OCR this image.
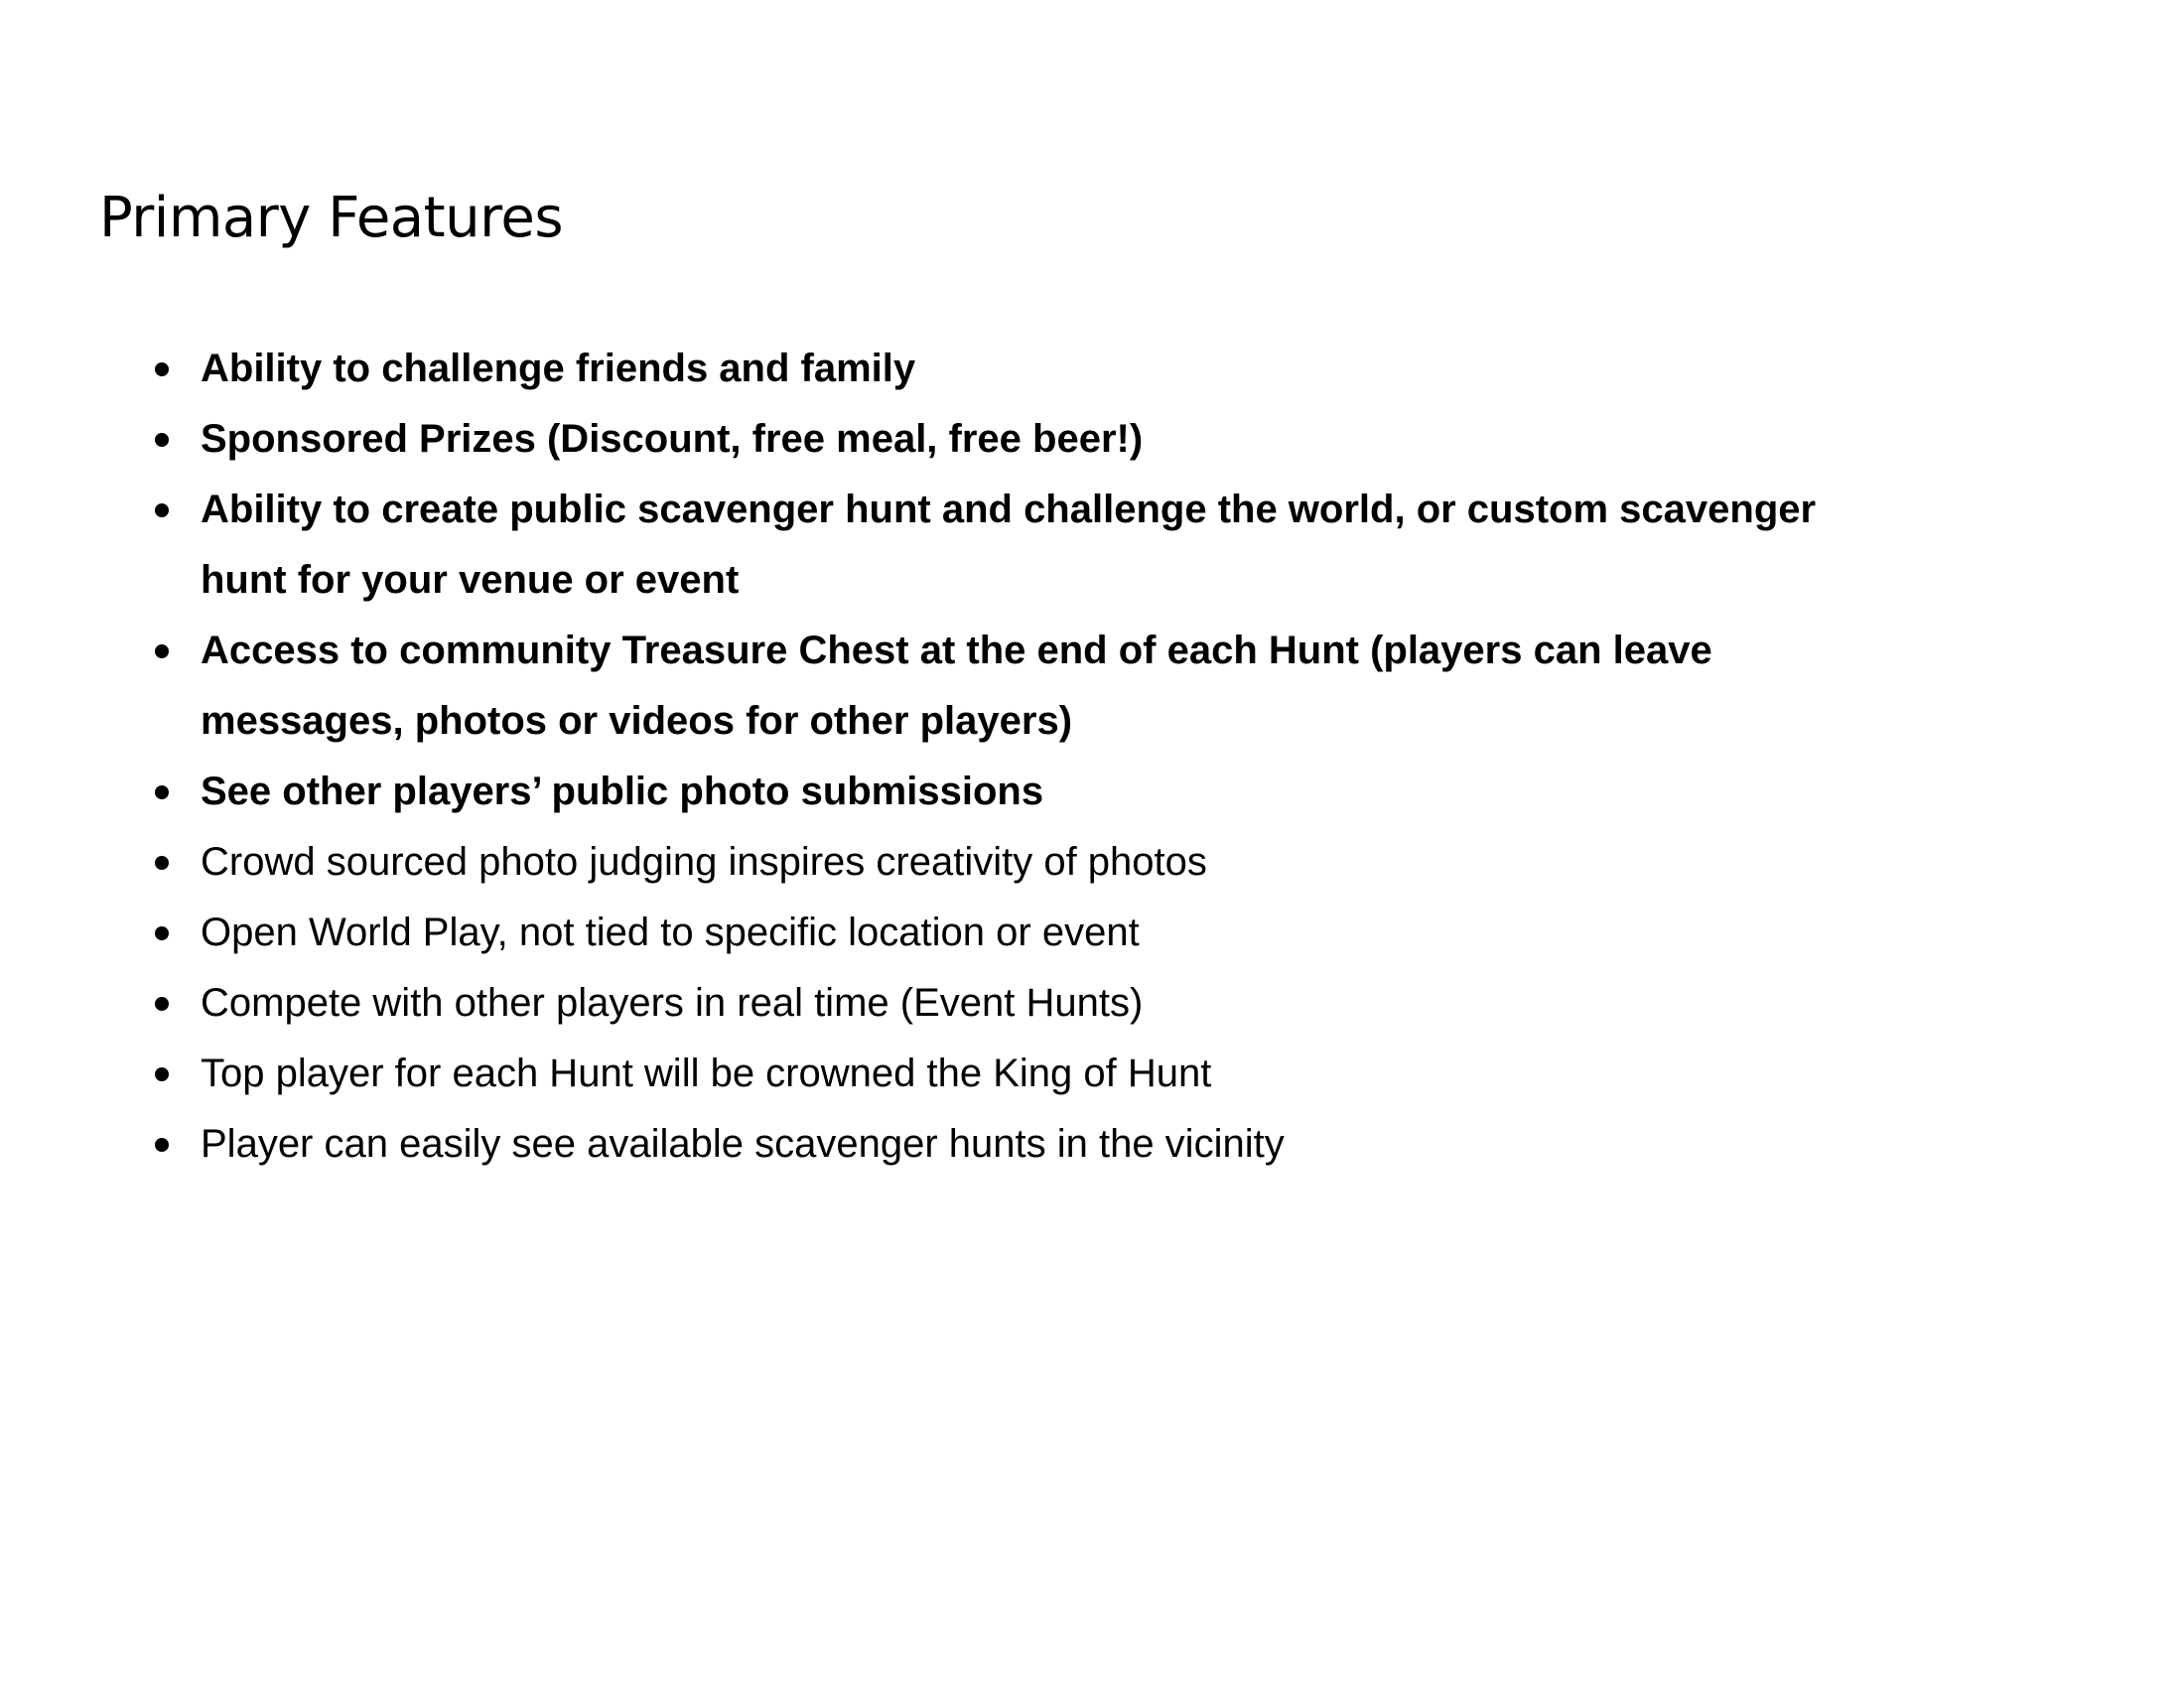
Primary Features
Ability to challenge friends and family
Sponsored Prizes (Discount, free meal, free beer!)
Ability to create public scavenger hunt and challenge the world, or custom scavenger hunt for your venue or event
Access to community Treasure Chest at the end of each Hunt (players can leave messages, photos or videos for other players)
See other players’ public photo submissions
Crowd sourced photo judging inspires creativity of photos
Open World Play, not tied to specific location or event
Compete with other players in real time (Event Hunts)
Top player for each Hunt will be crowned the King of Hunt
Player can easily see available scavenger hunts in the vicinity
